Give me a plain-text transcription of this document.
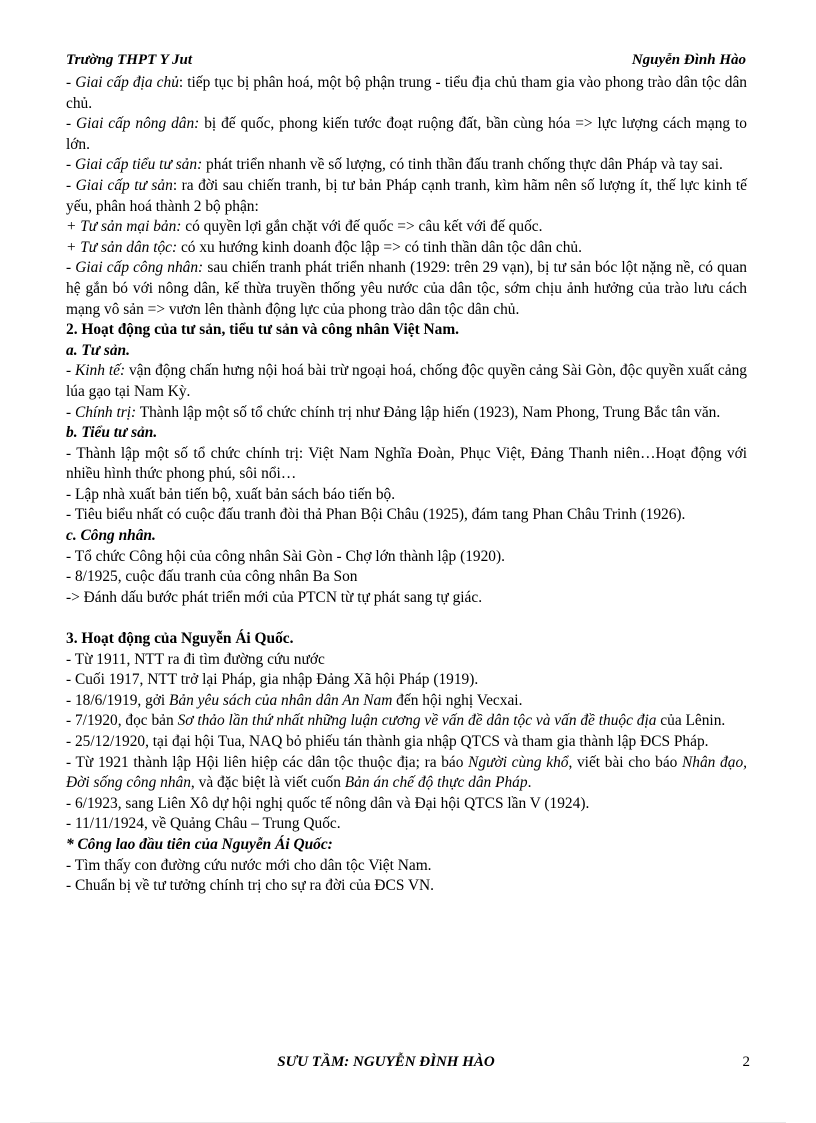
Trường THPT Y Jut	Nguyễn Đình Hào

- Giai cấp địa chủ: tiếp tục bị phân hoá, một bộ phận trung - tiểu địa chủ tham gia vào phong trào dân tộc dân chủ.

- Giai cấp nông dân: bị đế quốc, phong kiến tước đoạt ruộng đất, bần cùng hóa => lực lượng cách mạng to lớn.

- Giai cấp tiểu tư sản: phát triển nhanh về số lượng, có tinh thần đấu tranh chống thực dân Pháp và tay sai.

- Giai cấp tư sản: ra đời sau chiến tranh, bị tư bản Pháp cạnh tranh, kìm hãm nên số lượng ít, thế lực kinh tế yếu, phân hoá thành 2 bộ phận:

+ Tư sản mại bản: có quyền lợi gắn chặt với đế quốc => câu kết với đế quốc.

+ Tư sản dân tộc: có xu hướng kinh doanh độc lập => có tinh thần dân tộc dân chủ.

- Giai cấp công nhân: sau chiến tranh phát triển nhanh (1929: trên 29 vạn), bị tư sản bóc lột nặng nề, có quan hệ gắn bó với nông dân, kế thừa truyền thống yêu nước của dân tộc, sớm chịu ảnh hưởng của trào lưu cách mạng vô sản => vươn lên thành động lực của phong trào dân tộc dân chủ.

2. Hoạt động của tư sản, tiểu tư sản và công nhân Việt Nam.

a. Tư sản.

- Kinh tế: vận động chấn hưng nội hoá bài trừ ngoại hoá, chống độc quyền cảng Sài Gòn, độc quyền xuất cảng lúa gạo tại Nam Kỳ.

- Chính trị: Thành lập một số tổ chức chính trị như Đảng lập hiến (1923), Nam Phong, Trung Bắc tân văn.

b. Tiểu tư sản.

- Thành lập một số tổ chức chính trị: Việt Nam Nghĩa Đoàn, Phục Việt, Đảng Thanh niên…Hoạt động với nhiều hình thức phong phú, sôi nổi…

- Lập nhà xuất bản tiến bộ, xuất bản sách báo tiến bộ.

- Tiêu biểu nhất có cuộc đấu tranh đòi thả Phan Bội Châu (1925), đám tang Phan Châu Trinh (1926).

c. Công nhân.

- Tổ chức Công hội của công nhân Sài Gòn - Chợ lớn thành lập (1920).

- 8/1925, cuộc đấu tranh của công nhân Ba Son

-> Đánh dấu bước phát triển mới của PTCN từ tự phát sang tự giác.

3. Hoạt động của Nguyễn Ái Quốc.

- Từ 1911, NTT ra đi tìm đường cứu nước

- Cuối 1917, NTT trở lại Pháp, gia nhập Đảng Xã hội Pháp (1919).

- 18/6/1919, gởi Bản yêu sách của nhân dân An Nam đến hội nghị Vecxai.

- 7/1920, đọc bản Sơ thảo lần thứ nhất những luận cương về vấn đề dân tộc và vấn đề thuộc địa của Lênin.

- 25/12/1920, tại đại hội Tua, NAQ bỏ phiếu tán thành gia nhập QTCS và tham gia thành lập ĐCS Pháp.

- Từ 1921 thành lập Hội liên hiệp các dân tộc thuộc địa; ra báo Người cùng khổ, viết bài cho báo Nhân đạo, Đời sống công nhân, và đặc biệt là viết cuốn Bản án chế độ thực dân Pháp.

- 6/1923, sang Liên Xô dự hội nghị quốc tế nông dân và Đại hội QTCS lần V (1924).

- 11/11/1924, về Quảng Châu – Trung Quốc.

* Công lao đầu tiên của Nguyễn Ái Quốc:

- Tìm thấy con đường cứu nước mới cho dân tộc Việt Nam.

- Chuẩn bị về tư tưởng chính trị cho sự ra đời của ĐCS VN.

SƯU TẦM: NGUYỄN ĐÌNH HÀO	2
